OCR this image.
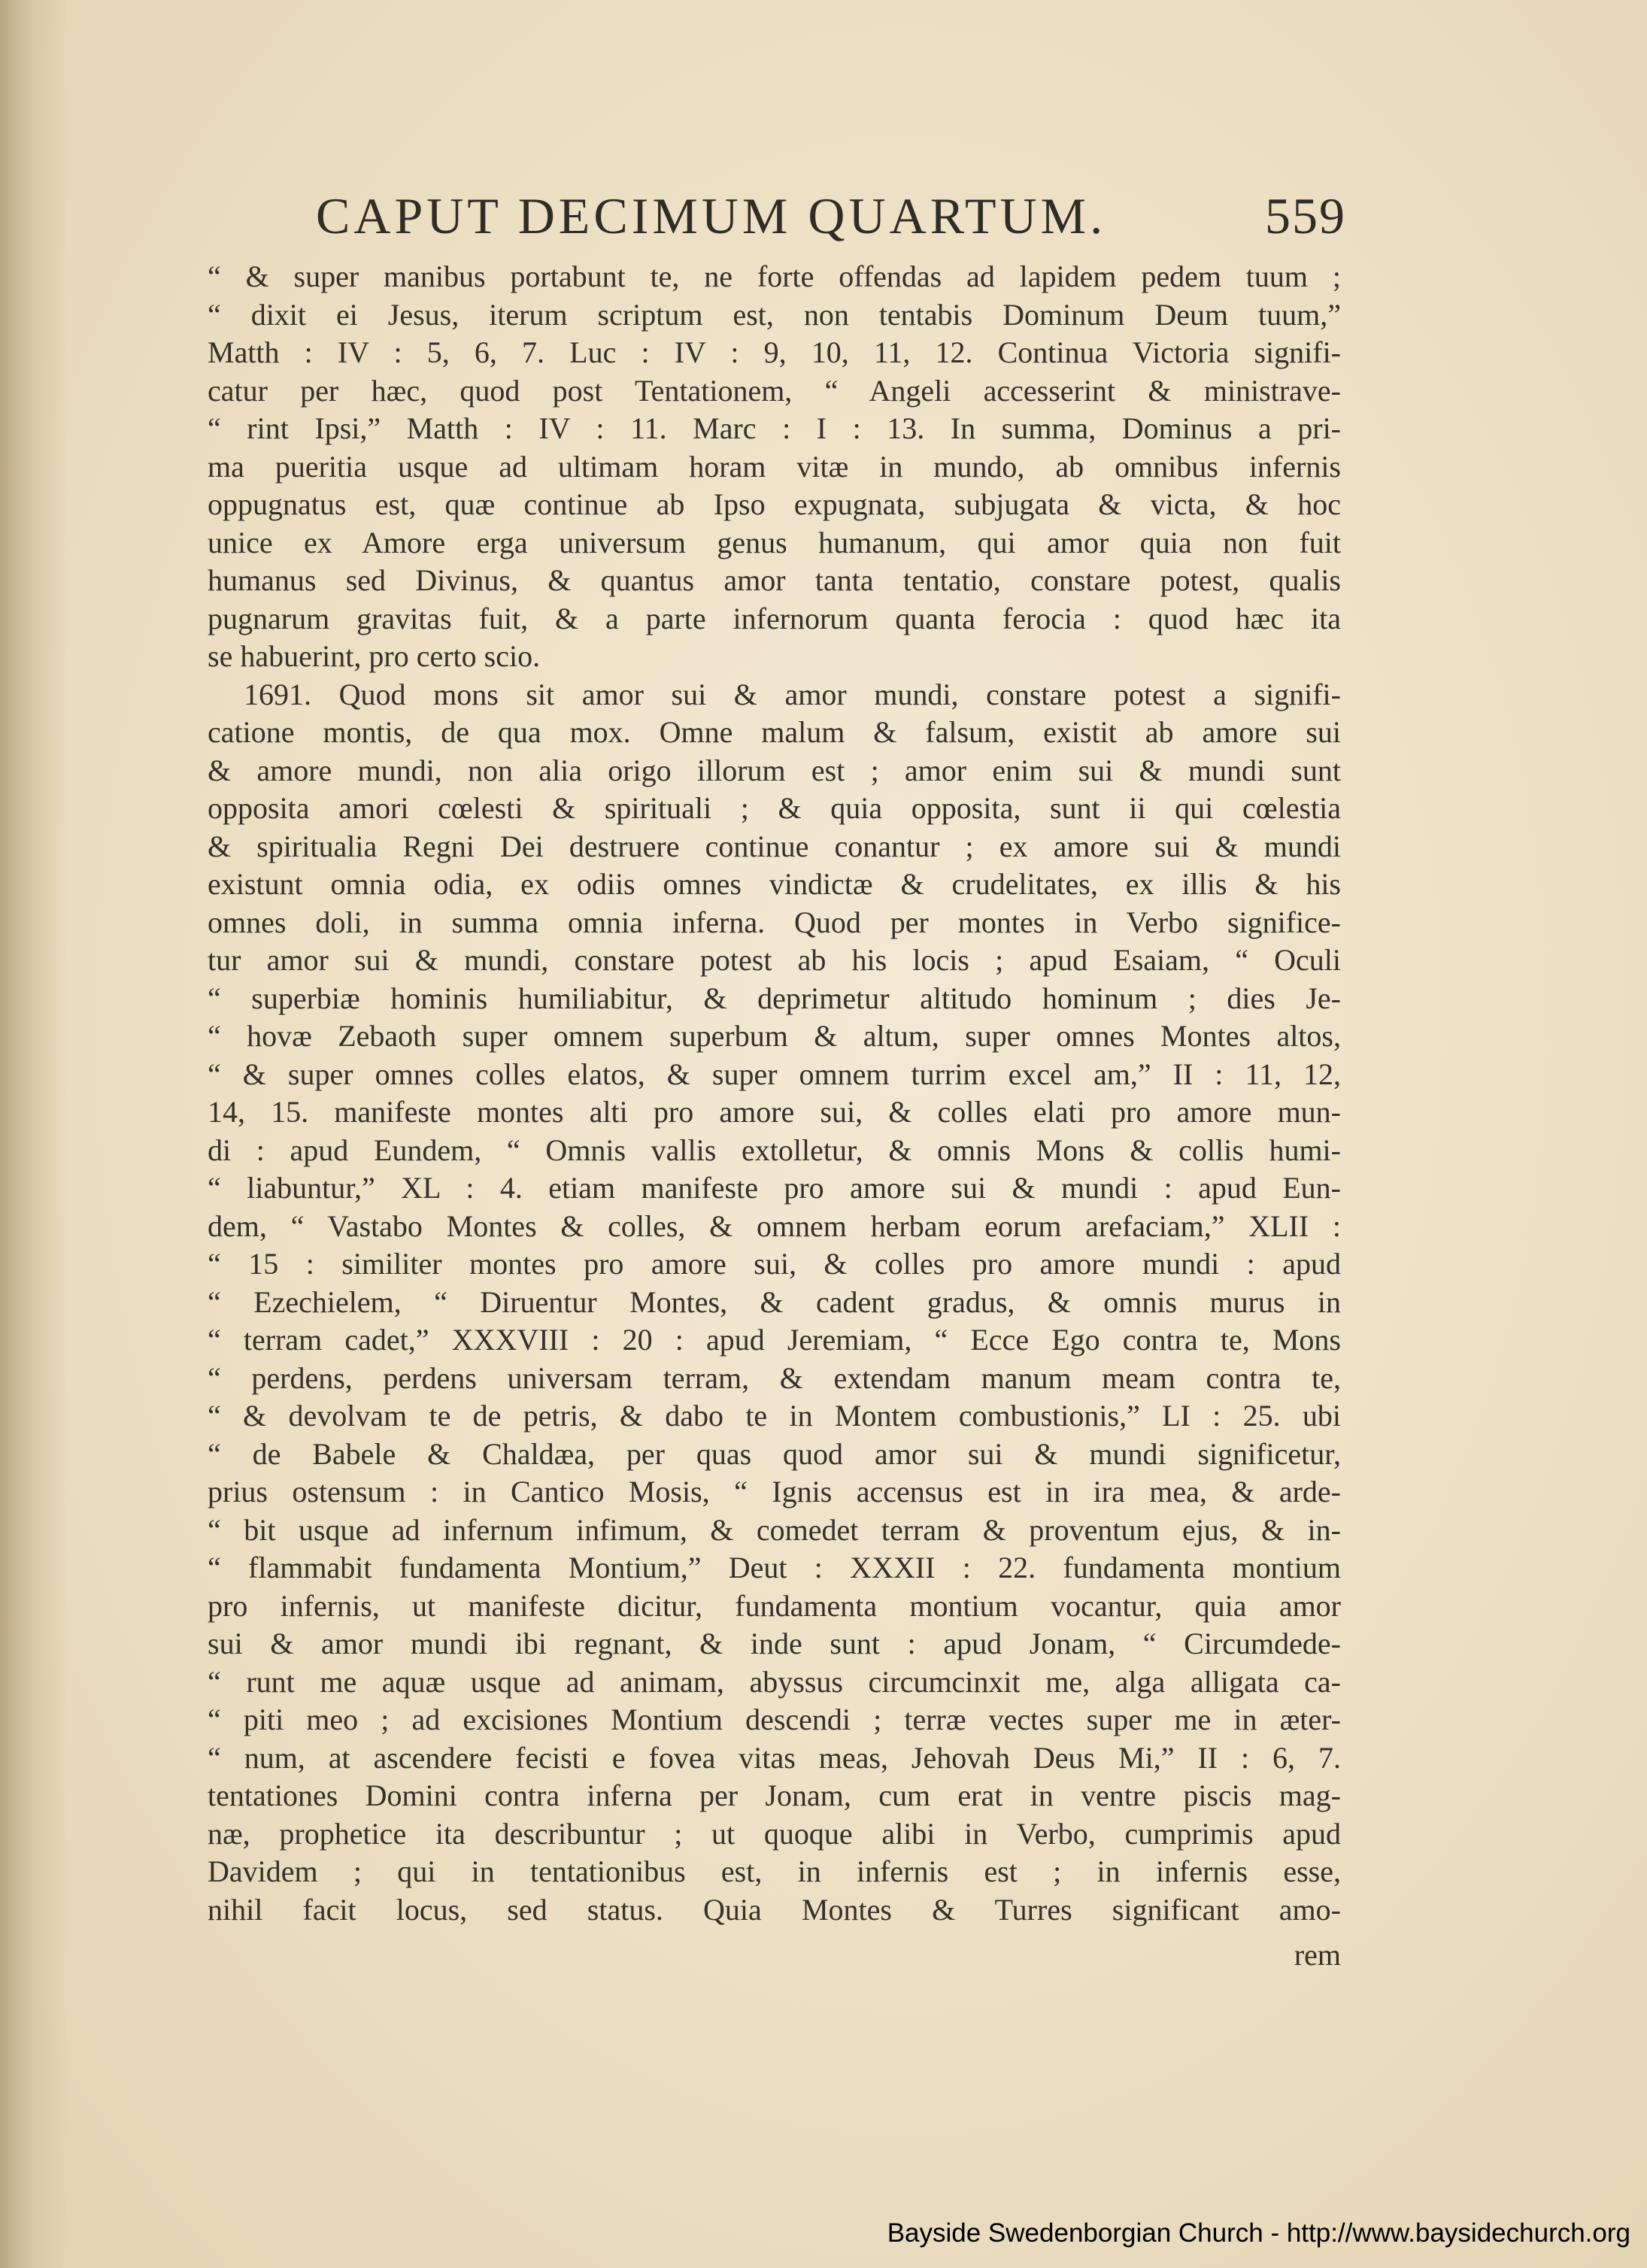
CAPUT DECIMUM QUARTUM.	559
“ & super manibus portabunt te, ne forte offendas ad lapidem pedem tuum ;
“ dixit ei Jesus, iterum scriptum est, non tentabis Dominum Deum tuum,”
Matth : IV : 5, 6, 7. Luc : IV : 9, 10, 11, 12. Continua Victoria signifi-
catur per hæc, quod post Tentationem, “ Angeli accesserint & ministrave-
“ rint Ipsi,” Matth : IV : 11. Marc : I : 13. In summa, Dominus a pri-
ma pueritia usque ad ultimam horam vitæ in mundo, ab omnibus infernis
oppugnatus est, quæ continue ab Ipso expugnata, subjugata & victa, & hoc
unice ex Amore erga universum genus humanum, qui amor quia non fuit
humanus sed Divinus, & quantus amor tanta tentatio, constare potest, qualis
pugnarum gravitas fuit, & a parte infernorum quanta ferocia : quod hæc ita
se habuerint, pro certo scio.
1691. Quod mons sit amor sui & amor mundi, constare potest a signifi-
catione montis, de qua mox. Omne malum & falsum, existit ab amore sui
& amore mundi, non alia origo illorum est ; amor enim sui & mundi sunt
opposita amori cœlesti & spirituali ; & quia opposita, sunt ii qui cœlestia
& spiritualia Regni Dei destruere continue conantur ; ex amore sui & mundi
existunt omnia odia, ex odiis omnes vindictæ & crudelitates, ex illis & his
omnes doli, in summa omnia inferna. Quod per montes in Verbo significe-
tur amor sui & mundi, constare potest ab his locis ; apud Esaiam, “ Oculi
“ superbiæ hominis humiliabitur, & deprimetur altitudo hominum ; dies Je-
“ hovæ Zebaoth super omnem superbum & altum, super omnes Montes altos,
“ & super omnes colles elatos, & super omnem turrim excel am,” II : 11, 12,
14, 15. manifeste montes alti pro amore sui, & colles elati pro amore mun-
di : apud Eundem, “ Omnis vallis extolletur, & omnis Mons & collis humi-
“ liabuntur,” XL : 4. etiam manifeste pro amore sui & mundi : apud Eun-
dem, “ Vastabo Montes & colles, & omnem herbam eorum arefaciam,” XLII :
“ 15 : similiter montes pro amore sui, & colles pro amore mundi : apud
“ Ezechielem, “ Diruentur Montes, & cadent gradus, & omnis murus in
“ terram cadet,” XXXVIII : 20 : apud Jeremiam, “ Ecce Ego contra te, Mons
“ perdens, perdens universam terram, & extendam manum meam contra te,
“ & devolvam te de petris, & dabo te in Montem combustionis,” LI : 25. ubi
“ de Babele & Chaldæa, per quas quod amor sui & mundi significetur,
prius ostensum : in Cantico Mosis, “ Ignis accensus est in ira mea, & arde-
“ bit usque ad infernum infimum, & comedet terram & proventum ejus, & in-
“ flammabit fundamenta Montium,” Deut : XXXII : 22. fundamenta montium
pro infernis, ut manifeste dicitur, fundamenta montium vocantur, quia amor
sui & amor mundi ibi regnant, & inde sunt : apud Jonam, “ Circumdede-
“ runt me aquæ usque ad animam, abyssus circumcinxit me, alga alligata ca-
“ piti meo ; ad excisiones Montium descendi ; terræ vectes super me in æter-
“ num, at ascendere fecisti e fovea vitas meas, Jehovah Deus Mi,” II : 6, 7.
tentationes Domini contra inferna per Jonam, cum erat in ventre piscis mag-
næ, prophetice ita describuntur ; ut quoque alibi in Verbo, cumprimis apud
Davidem ; qui in tentationibus est, in infernis est ; in infernis esse,
nihil facit locus, sed status. Quia Montes & Turres significant amo-
rem
Bayside Swedenborgian Church - http://www.baysidechurch.org
